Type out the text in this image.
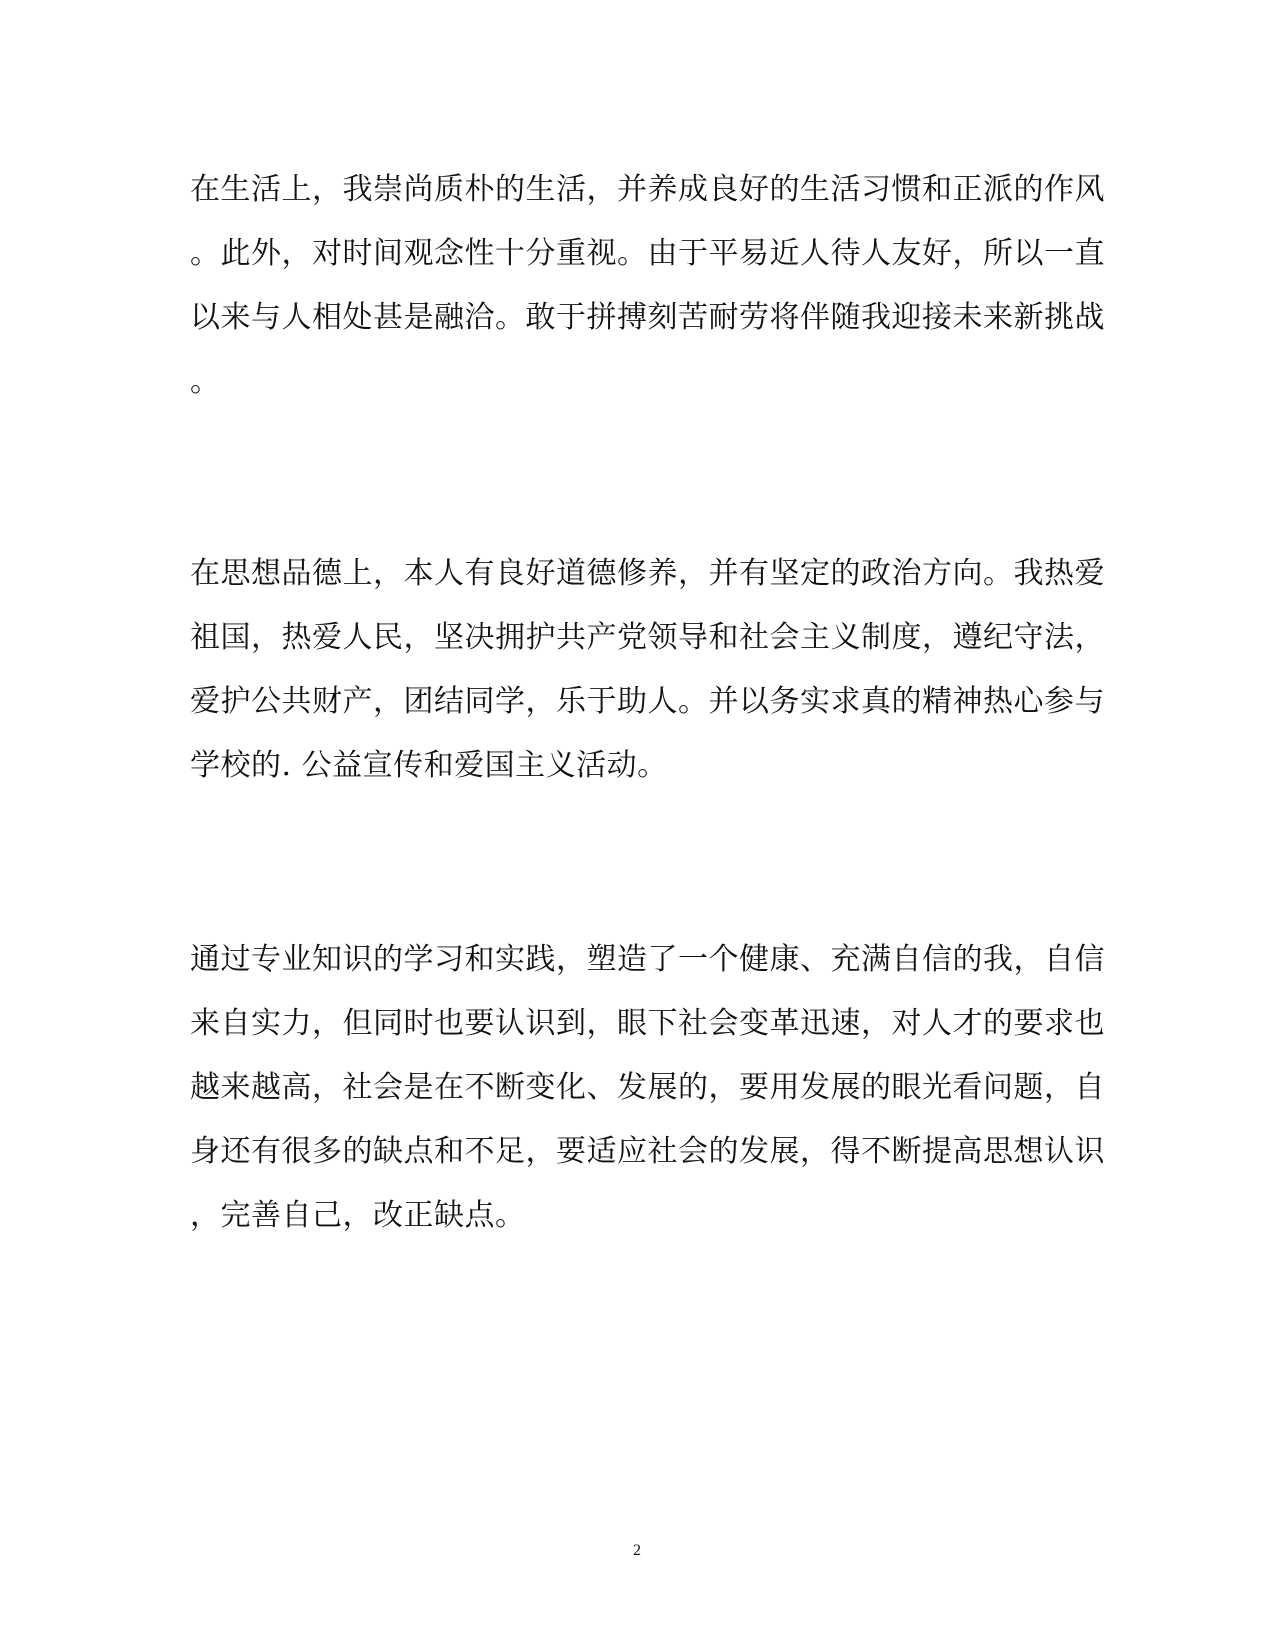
在生活上，我崇尚质朴的生活，并养成良好的生活习惯和正派的作风
。此外，对时间观念性十分重视。由于平易近人待人友好，所以一直
以来与人相处甚是融洽。敢于拼搏刻苦耐劳将伴随我迎接未来新挑战
。
在思想品德上，本人有良好道德修养，并有坚定的政治方向。我热爱
祖国，热爱人民，坚决拥护共产党领导和社会主义制度，遵纪守法，
爱护公共财产，团结同学，乐于助人。并以务实求真的精神热心参与
学校的. 公益宣传和爱国主义活动。
通过专业知识的学习和实践，塑造了一个健康、充满自信的我，自信
来自实力，但同时也要认识到，眼下社会变革迅速，对人才的要求也
越来越高，社会是在不断变化、发展的，要用发展的眼光看问题，自
身还有很多的缺点和不足，要适应社会的发展，得不断提高思想认识
，完善自己，改正缺点。
2
